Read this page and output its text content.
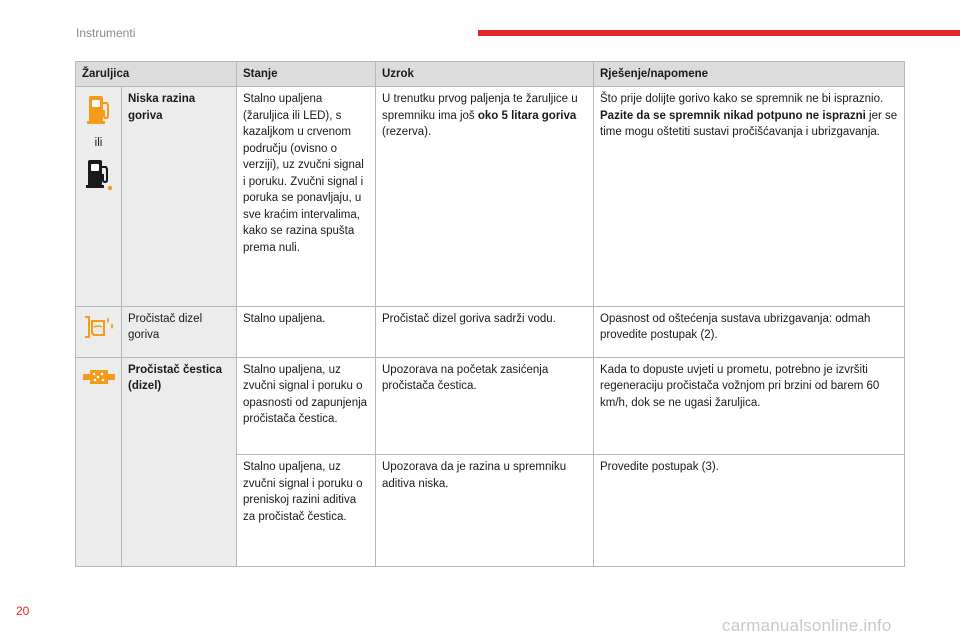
Instrumenti
Žaruljica		Stanje	Uzrok	Rješenje/napomene

ili	Niska razina goriva	Stalno upaljena (žaruljica ili LED), s kazaljkom u crvenom području (ovisno o verziji), uz zvučni signal i poruku. Zvučni signal i poruka se ponavljaju, u sve kraćim intervalima, kako se razina spušta prema nuli.	U trenutku prvog paljenja te žaruljice u spremniku ima još oko 5 litara goriva (rezerva).	Što prije dolijte gorivo kako se spremnik ne bi ispraznio.
Pazite da se spremnik nikad potpuno ne isprazni jer se time mogu oštetiti sustavi pročišćavanja i ubrizgavanja.
	Pročistač dizel goriva	Stalno upaljena.	Pročistač dizel goriva sadrži vodu.	Opasnost od oštećenja sustava ubrizgavanja: odmah provedite postupak (2).
	Pročistač čestica (dizel)	Stalno upaljena, uz zvučni signal i poruku o opasnosti od zapunjenja pročistača čestica.	Upozorava na početak zasićenja pročistača čestica.	Kada to dopuste uvjeti u prometu, potrebno je izvršiti regeneraciju pročistača vožnjom pri brzini od barem 60 km/h, dok se ne ugasi žaruljica.
		Stalno upaljena, uz zvučni signal i poruku o preniskoj razini aditiva za pročistač čestica.	Upozorava da je razina u spremniku aditiva niska.	Provedite postupak (3).
20
carmanualsonline.info
